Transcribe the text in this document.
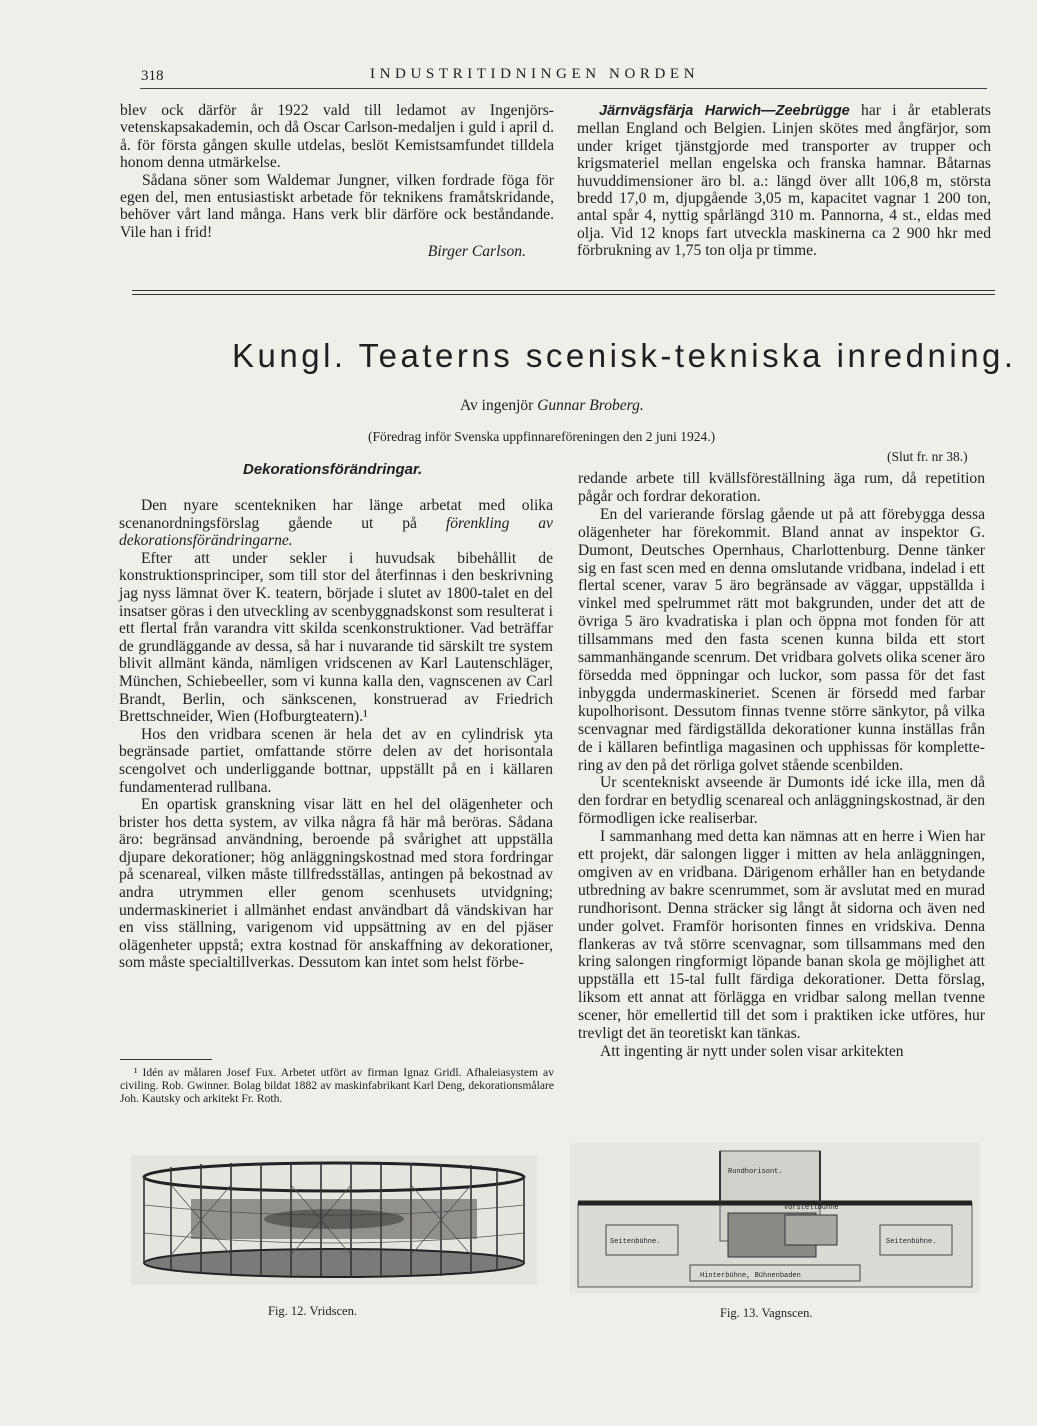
318	INDUSTRITIDNINGEN NORDEN

blev ock därför år 1922 vald till ledamot av Ingenjörsvetenskapsakademin, och då Oscar Carlson-medaljen i guld i april d. å. för första gången skulle utdelas, beslöt Kemistsamfundet tilldela honom denna utmärkelse.

Sådana söner som Waldemar Jungner, vilken fordrade föga för egen del, men entusiastiskt arbetade för teknikens framåtskridande, behöver vårt land många. Hans verk blir därföre ock beståndande. Vile han i frid!

Birger Carlson.

Järnvägsfärja Harwich—Zeebrügge har i år etablerats mellan England och Belgien. Linjen skötes med ångfärjor, som under kriget tjänstgjorde med transporter av trupper och krigsmateriel mellan engelska och franska hamnar. Båtarnas huvuddimensioner äro bl. a.: längd över allt 106,8 m, största bredd 17,0 m, djupgående 3,05 m, kapacitet vagnar 1 200 ton, antal spår 4, nyttig spårlängd 310 m. Pannorna, 4 st., eldas med olja. Vid 12 knops fart utveckla maskinerna ca 2 900 hkr med förbrukning av 1,75 ton olja pr timme.

Kungl. Teaterns scenisk-tekniska inredning.
Av ingenjör Gunnar Broberg.
(Föredrag inför Svenska uppfinnareföreningen den 2 juni 1924.)
(Slut fr. nr 38.)
Dekorationsförändringar.

Den nyare scentekniken har länge arbetat med olika scenanordningsförslag gående ut på förenkling av dekorationsförändringarne.

Efter att under sekler i huvudsak bibehållit de konstruktionsprinciper, som till stor del återfinnas i den beskrivning jag nyss lämnat över K. teatern, började i slutet av 1800-talet en del insatser göras i den utveckling av scenbyggnadskonst som resulterat i ett flertal från varandra vitt skilda scenkonstruktioner. Vad beträffar de grundläggande av dessa, så har i nuvarande tid särskilt tre system blivit allmänt kända, nämligen vridscenen av Karl Lautenschläger, München, Schiebeeller, som vi kunna kalla den, vagnscenen av Carl Brandt, Berlin, och sänkscenen, konstruerad av Friedrich Brettschneider, Wien (Hofburgteatern).¹

Hos den vridbara scenen är hela det av en cylindrisk yta begränsade partiet, omfattande större delen av det horisontala scengolvet och underliggande bottnar, uppställt på en i källaren fundamenterad rullbana.

En opartisk granskning visar lätt en hel del olägenheter och brister hos detta system, av vilka några få här må beröras. Sådana äro: begränsad användning, beroende på svårighet att uppställa djupare dekorationer; hög anläggningskostnad med stora fordringar på scenareal, vilken måste tillfredsställas, antingen på bekostnad av andra utrymmen eller genom scenhusets utvidgning; undermaskineriet i allmänhet endast användbart då vändskivan har en viss ställning, varigenom vid uppsättning av en del pjäser olägenheter uppstå; extra kostnad för anskaffning av dekorationer, som måste specialtillverkas. Dessutom kan intet som helst förbe-

¹ Idén av målaren Josef Fux. Arbetet utfört av firman Ignaz Gridl. Afhaleiasystem av civiling. Rob. Gwinner. Bolag bildat 1882 av maskinfabrikant Karl Deng, dekorationsmålare Joh. Kautsky och arkitekt Fr. Roth.

redande arbete till kvällsföreställning äga rum, då repetition pågår och fordrar dekoration.

En del varierande förslag gående ut på att förebygga dessa olägenheter har förekommit. Bland annat av inspektor G. Dumont, Deutsches Opernhaus, Charlottenburg. Denne tänker sig en fast scen med en denna omslutande vridbana, indelad i ett flertal scener, varav 5 äro begränsade av väggar, uppställda i vinkel med spelrummet rätt mot bakgrunden, under det att de övriga 5 äro kvadratiska i plan och öppna mot fonden för att tillsammans med den fasta scenen kunna bilda ett stort sammanhängande scenrum. Det vridbara golvets olika scener äro försedda med öppningar och luckor, som passa för det fast inbyggda undermaskineriet. Scenen är försedd med farbar kupolhorisont. Dessutom finnas tvenne större sänkytor, på vilka scenvagnar med färdigställda dekorationer kunna inställas från de i källaren befintliga magasinen och upphissas för komplettering av den på det rörliga golvet stående scenbilden.

Ur scentekniskt avseende är Dumonts idé icke illa, men då den fordrar en betydlig scenareal och anläggningskostnad, är den förmodligen icke realiserbar.

I sammanhang med detta kan nämnas att en herre i Wien har ett projekt, där salongen ligger i mitten av hela anläggningen, omgiven av en vridbana. Därigenom erhåller han en betydande utbredning av bakre scenrummet, som är avslutat med en murad rundhorisont. Denna sträcker sig långt åt sidorna och även ned under golvet. Framför horisonten finnes en vridskiva. Denna flankeras av två större scenvagnar, som tillsammans med den kring salongen ringformigt löpande banan skola ge möjlighet att uppställa ett 15-tal fullt färdiga dekorationer. Detta förslag, liksom ett annat att förlägga en vridbar salong mellan tvenne scener, hör emellertid till det som i praktiken icke utföres, hur trevligt det än teoretiskt kan tänkas.

Att ingenting är nytt under solen visar arkitekten

Fig. 12. Vridscen.
Rundhorisont.
Seitenbühne.	Seitenbühne.
Vorstellbühne
Hinterbühne, Bühnenbaden
Fig. 13. Vagnscen.
